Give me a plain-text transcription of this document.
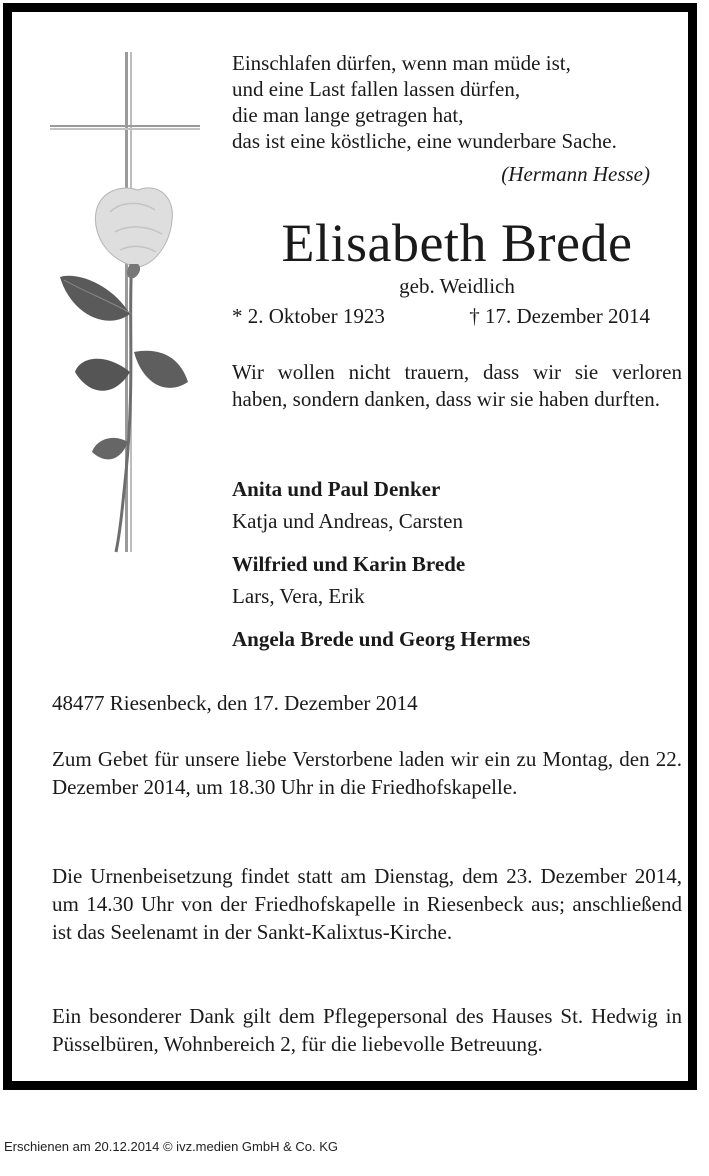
Einschlafen dürfen, wenn man müde ist,
und eine Last fallen lassen dürfen,
die man lange getragen hat,
das ist eine köstliche, eine wunderbare Sache.
(Hermann Hesse)
Elisabeth Brede
geb. Weidlich
* 2. Oktober 1923	† 17. Dezember 2014
Wir wollen nicht trauern, dass wir sie verloren haben, sondern danken, dass wir sie haben durften.
Anita und Paul Denker
Katja und Andreas, Carsten
Wilfried und Karin Brede
Lars, Vera, Erik
Angela Brede und Georg Hermes
48477 Riesenbeck, den 17. Dezember 2014
Zum Gebet für unsere liebe Verstorbene laden wir ein zu Montag, den 22. Dezember 2014, um 18.30 Uhr in die Friedhofskapelle.
Die Urnenbeisetzung findet statt am Dienstag, dem 23. Dezember 2014, um 14.30 Uhr von der Friedhofskapelle in Riesenbeck aus; anschließend ist das Seelenamt in der Sankt-Kalixtus-Kirche.
Ein besonderer Dank gilt dem Pflegepersonal des Hauses St. Hedwig in Püsselbüren, Wohnbereich 2, für die liebevolle Betreuung.
Erschienen am 20.12.2014 © ivz.medien GmbH & Co. KG
